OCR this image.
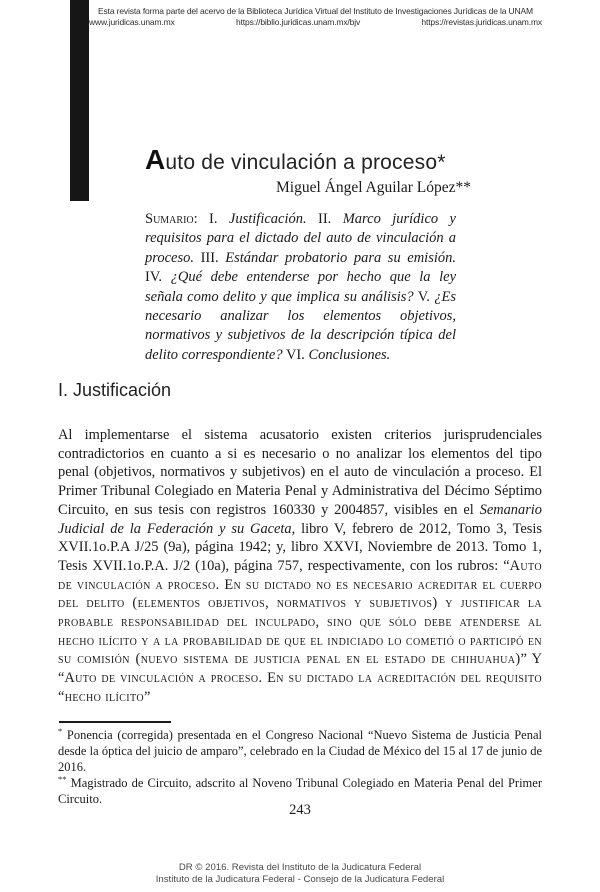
Esta revista forma parte del acervo de la Biblioteca Jurídica Virtual del Instituto de Investigaciones Jurídicas de la UNAM
www.juridicas.unam.mx	https://biblio.juridicas.unam.mx/bjv	https://revistas.juridicas.unam.mx
Auto de vinculación a proceso*
Miguel Ángel Aguilar López**

Sumario: I. Justificación. II. Marco jurídico y requisitos para el dictado del auto de vinculación a proceso. III. Estándar probatorio para su emisión. IV. ¿Qué debe entenderse por hecho que la ley señala como delito y que implica su análisis? V. ¿Es necesario analizar los elementos objetivos, normativos y subjetivos de la descripción típica del delito correspondiente? VI. Conclusiones.

I. Justificación

Al implementarse el sistema acusatorio existen criterios jurisprudenciales contradictorios en cuanto a si es necesario o no analizar los elementos del tipo penal (objetivos, normativos y subjetivos) en el auto de vinculación a proceso. El Primer Tribunal Colegiado en Materia Penal y Administrativa del Décimo Séptimo Circuito, en sus tesis con registros 160330 y 2004857, visibles en el Semanario Judicial de la Federación y su Gaceta, libro V, febrero de 2012, Tomo 3, Tesis XVII.1o.P.A J/25 (9a), página 1942; y, libro XXVI, Noviembre de 2013. Tomo 1, Tesis XVII.1o.P.A. J/2 (10a), página 757, respectivamente, con los rubros: “Auto de vinculación a proceso. En su dictado no es necesario acreditar el cuerpo del delito (elementos objetivos, normativos y subjetivos) y justificar la probable responsabilidad del inculpado, sino que sólo debe atenderse al hecho ilícito y a la probabilidad de que el indiciado lo cometió o participó en su comisión (nuevo sistema de justicia penal en el estado de chihuahua)” Y “Auto de vinculación a proceso. En su dictado la acreditación del requisito “hecho ilícito”

* Ponencia (corregida) presentada en el Congreso Nacional “Nuevo Sistema de Justicia Penal desde la óptica del juicio de amparo”, celebrado en la Ciudad de México del 15 al 17 de junio de 2016.

** Magistrado de Circuito, adscrito al Noveno Tribunal Colegiado en Materia Penal del Primer Circuito.

243
DR © 2016. Revista del Instituto de la Judicatura Federal
Instituto de la Judicatura Federal - Consejo de la Judicatura Federal
